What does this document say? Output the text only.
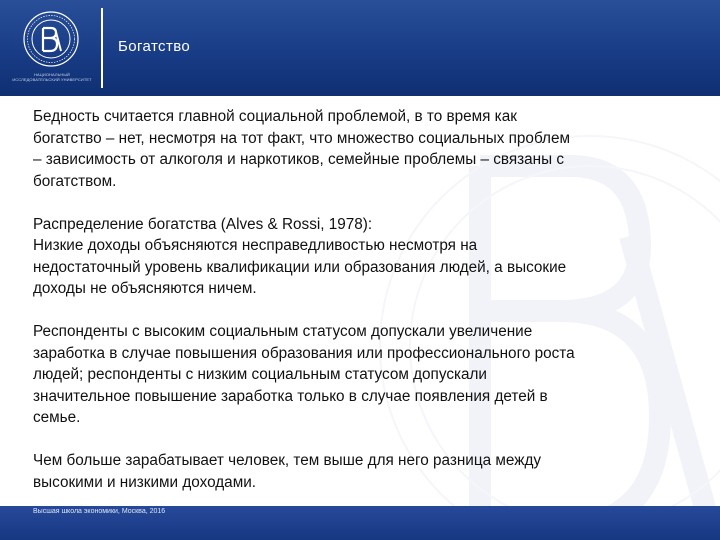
НАЦИОНАЛЬНЫЙ ИССЛЕДОВАТЕЛЬСКИЙ УНИВЕРСИТЕТ
Богатство

Бедность считается главной социальной проблемой, в то время как
богатство – нет, несмотря на тот факт, что множество социальных проблем
– зависимость от алкоголя и наркотиков, семейные проблемы – связаны с
богатством.

Распределение богатства (Alves & Rossi, 1978):
Низкие доходы объясняются несправедливостью несмотря на
недостаточный уровень квалификации или образования людей, а высокие
доходы не объясняются ничем.

Респонденты с высоким социальным статусом допускали увеличение
заработка в случае повышения образования или профессионального роста
людей; респонденты с низким социальным статусом допускали
значительное повышение заработка только в случае появления детей в
семье.

Чем больше зарабатывает человек, тем выше для него разница между
высокими и низкими доходами.

Высшая школа экономики, Москва, 2016
